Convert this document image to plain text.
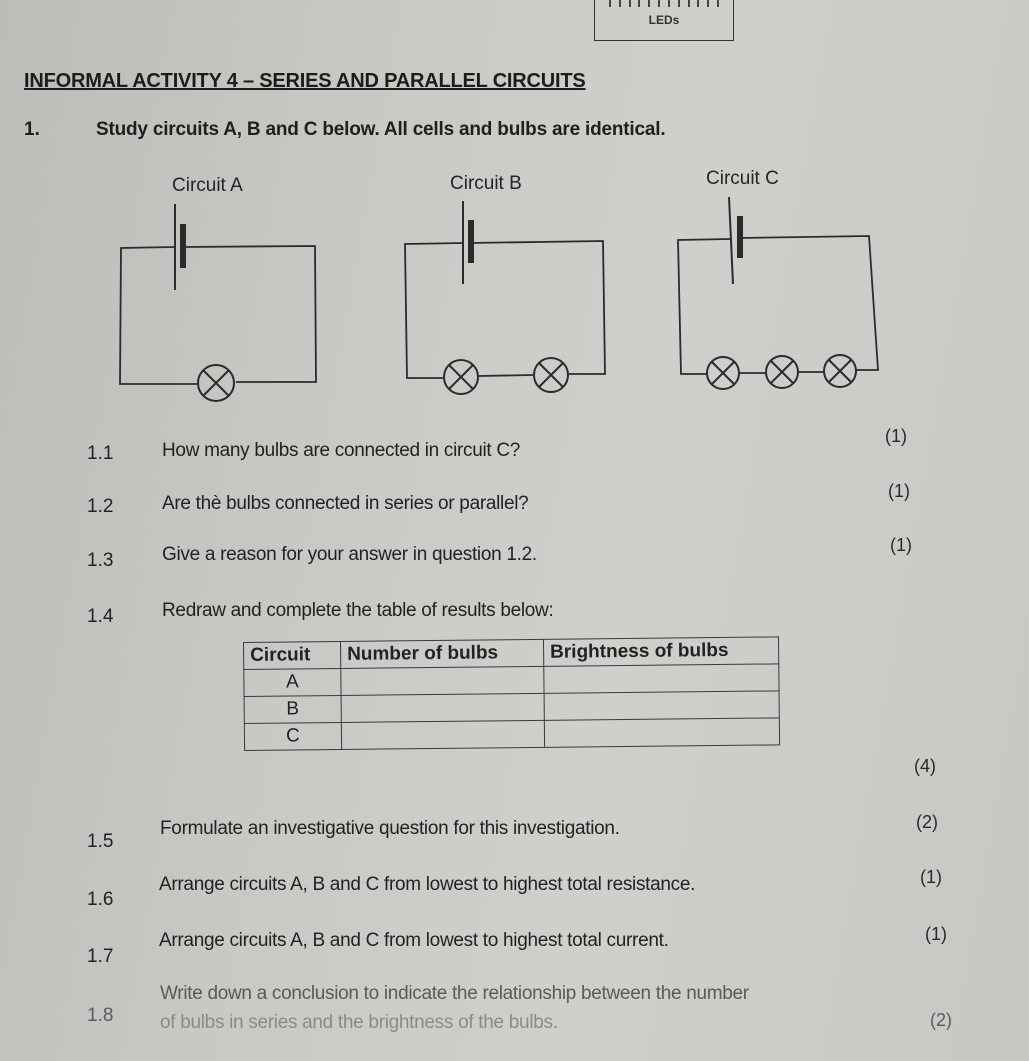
LEDs
INFORMAL ACTIVITY 4 – SERIES AND PARALLEL CIRCUITS
1.	Study circuits A, B and C below. All cells and bulbs are identical.
Circuit A	Circuit B	Circuit C
1.1	How many bulbs are connected in circuit C?
(1)
1.2	Are thè bulbs connected in series or parallel?
(1)
1.3	Give a reason for your answer in question 1.2.	(1)
1.4	Redraw and complete the table of results below:
Circuit	Number of bulbs	Brightness of bulbs
A		
B		
C		
(4)
1.5
Formulate an investigative question for this investigation.	(2)
1.6
Arrange circuits A, B and C from lowest to highest total resistance.	(1)
1.7
Arrange circuits A, B and C from lowest to highest total current.	(1)
1.8
Write down a conclusion to indicate the relationship between the number
of bulbs in series and the brightness of the bulbs.	(2)
